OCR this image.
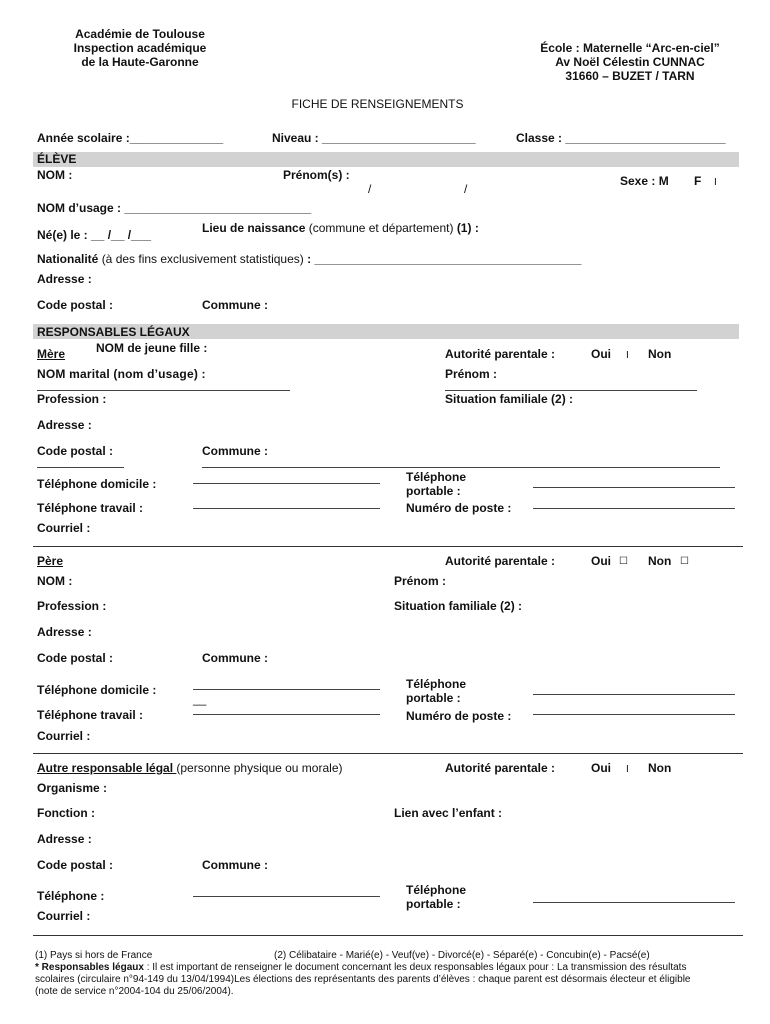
Académie de Toulouse
Inspection académique
de la Haute-Garonne
École : Maternelle “Arc-en-ciel”
Av Noël Célestin CUNNAC
31660 – BUZET / TARN
FICHE DE RENSEIGNEMENTS
Année scolaire :______________	Niveau : _______________________	Classe : ________________________
ÉLÈVE
NOM :	Prénom(s) :
/	/
Sexe : M F I
NOM d’usage : ____________________________
Né(e) le : __ /__ /___	Lieu de naissance (commune et département) (1) :
Nationalité (à des fins exclusivement statistiques) : ________________________________________
Adresse :
Code postal :	Commune :
RESPONSABLES LÉGAUX
Mère	NOM de jeune fille :	Autorité parentale :	Oui I Non
NOM marital (nom d’usage) :	Prénom :
Profession :	Situation familiale (2) :
Adresse :
Code postal :	Commune :
Téléphone domicile :	Téléphone
portable :
Téléphone travail :	Numéro de poste :
Courriel :
Père	Autorité parentale :	Oui ☐ Non ☐
NOM :	Prénom :
Profession :	Situation familiale (2) :
Adresse :
Code postal :	Commune :
Téléphone domicile :
__
Téléphone
portable :
Téléphone travail :	Numéro de poste :
Courriel :
Autre responsable légal (personne physique ou morale)	Autorité parentale :	Oui I Non
Organisme :
Fonction :	Lien avec l’enfant :
Adresse :
Code postal :	Commune :
Téléphone :	Téléphone
portable :
Courriel :
(1) Pays si hors de France	(2) Célibataire - Marié(e) - Veuf(ve) - Divorcé(e) - Séparé(e) - Concubin(e) - Pacsé(e)
* Responsables légaux : Il est important de renseigner le document concernant les deux responsables légaux pour : La transmission des résultats
scolaires (circulaire n°94-149 du 13/04/1994)Les élections des représentants des parents d’élèves : chaque parent est désormais électeur et éligible
(note de service n°2004-104 du 25/06/2004).
